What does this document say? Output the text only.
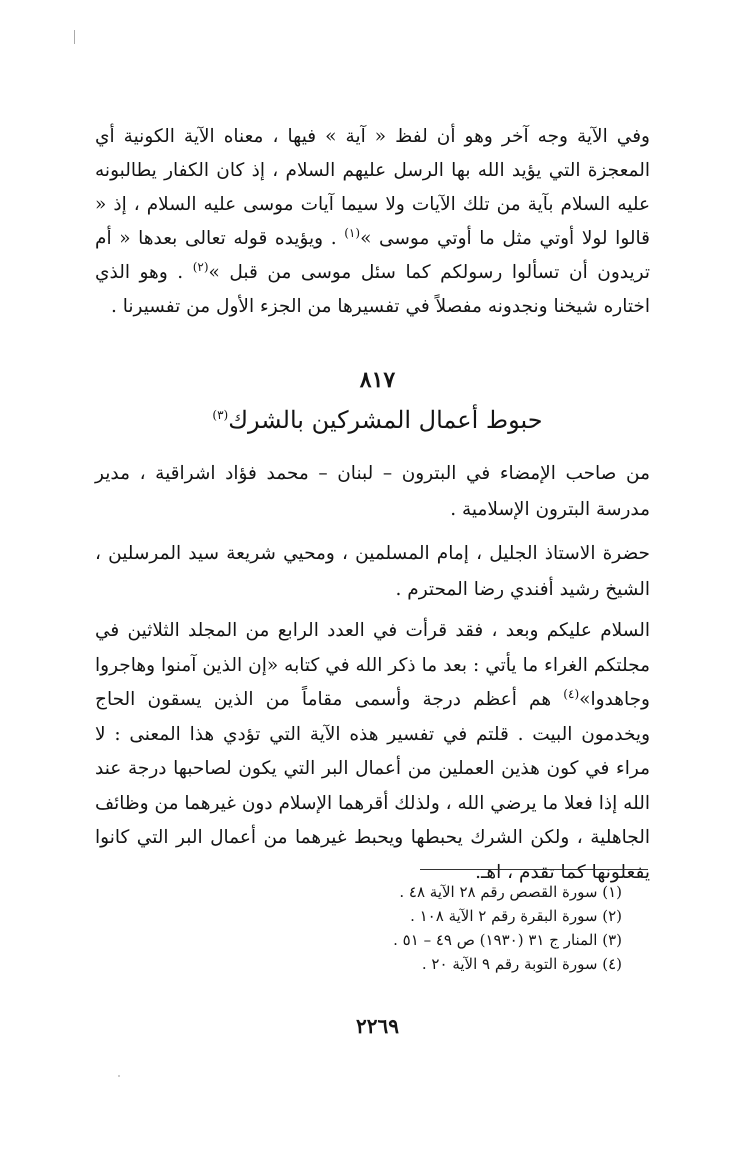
وفي الآية وجه آخر وهو أن لفظ « آية » فيها ، معناه الآية الكونية أي المعجزة التي يؤيد الله بها الرسل عليهم السلام ، إذ كان الكفار يطالبونه عليه السلام بآية من تلك الآيات ولا سيما آيات موسى عليه السلام ، إذ « قالوا لولا أوتي مثل ما أوتي موسى »$^{(١)}$ . ويؤيده قوله تعالى بعدها « أم تريدون أن تسألوا رسولكم كما سئل موسى من قبل »$^{(٢)}$ . وهو الذي اختاره شيخنا ونجدونه مفصلاً في تفسيرها من الجزء الأول من تفسيرنا .

٨١٧
حبوط أعمال المشركين بالشرك$^{(٣)}$

من صاحب الإمضاء في البترون – لبنان – محمد فؤاد اشراقية ، مدير مدرسة البترون الإسلامية .

حضرة الاستاذ الجليل ، إمام المسلمين ، ومحيي شريعة سيد المرسلين ، الشيخ رشيد أفندي رضا المحترم .

السلام عليكم وبعد ، فقد قرأت في العدد الرابع من المجلد الثلاثين في مجلتكم الغراء ما يأتي : بعد ما ذكر الله في كتابه «إن الذين آمنوا وهاجروا وجاهدوا»$^{(٤)}$ هم أعظم درجة وأسمى مقاماً من الذين يسقون الحاج ويخدمون البيت . قلتم في تفسير هذه الآية التي تؤدي هذا المعنى : لا مراء في كون هذين العملين من أعمال البر التي يكون لصاحبها درجة عند الله إذا فعلا ما يرضي الله ، ولذلك أقرهما الإسلام دون غيرهما من وظائف الجاهلية ، ولكن الشرك يحبطها ويحبط غيرهما من أعمال البر التي كانوا يفعلونها كما تقدم ، اهـ.

(١) سورة القصص رقم ٢٨ الآية ٤٨ .
(٢) سورة البقرة رقم ٢ الآية ١٠٨ .
(٣) المنار ج ٣١ (١٩٣٠) ص ٤٩ – ٥١ .
(٤) سورة التوبة رقم ٩ الآية ٢٠ .
٢٢٦٩
